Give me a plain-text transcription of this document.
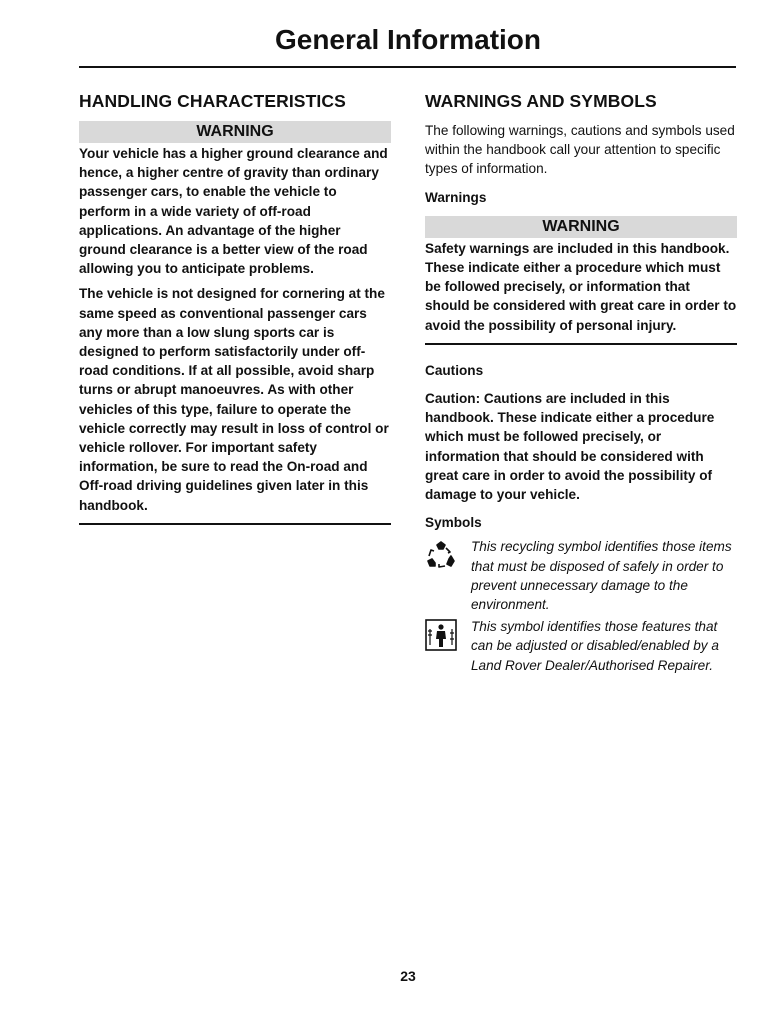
General Information
HANDLING CHARACTERISTICS
WARNING

Your vehicle has a higher ground clearance and hence, a higher centre of gravity than ordinary passenger cars, to enable the vehicle to perform in a wide variety of off-road applications. An advantage of the higher ground clearance is a better view of the road allowing you to anticipate problems.

The vehicle is not designed for cornering at the same speed as conventional passenger cars any more than a low slung sports car is designed to perform satisfactorily under off-road conditions. If at all possible, avoid sharp turns or abrupt manoeuvres. As with other vehicles of this type, failure to operate the vehicle correctly may result in loss of control or vehicle rollover. For important safety information, be sure to read the On-road and Off-road driving guidelines given later in this handbook.

WARNINGS AND SYMBOLS

The following warnings, cautions and symbols used within the handbook call your attention to specific types of information.

Warnings
WARNING

Safety warnings are included in this handbook. These indicate either a procedure which must be followed precisely, or information that should be considered with great care in order to avoid the possibility of personal injury.

Cautions

Caution: Cautions are included in this handbook. These indicate either a procedure which must be followed precisely, or information that should be considered with great care in order to avoid the possibility of damage to your vehicle.

Symbols

This recycling symbol identifies those items that must be disposed of safely in order to prevent unnecessary damage to the environment.

This symbol identifies those features that can be adjusted or disabled/enabled by a Land Rover Dealer/Authorised Repairer.

23
